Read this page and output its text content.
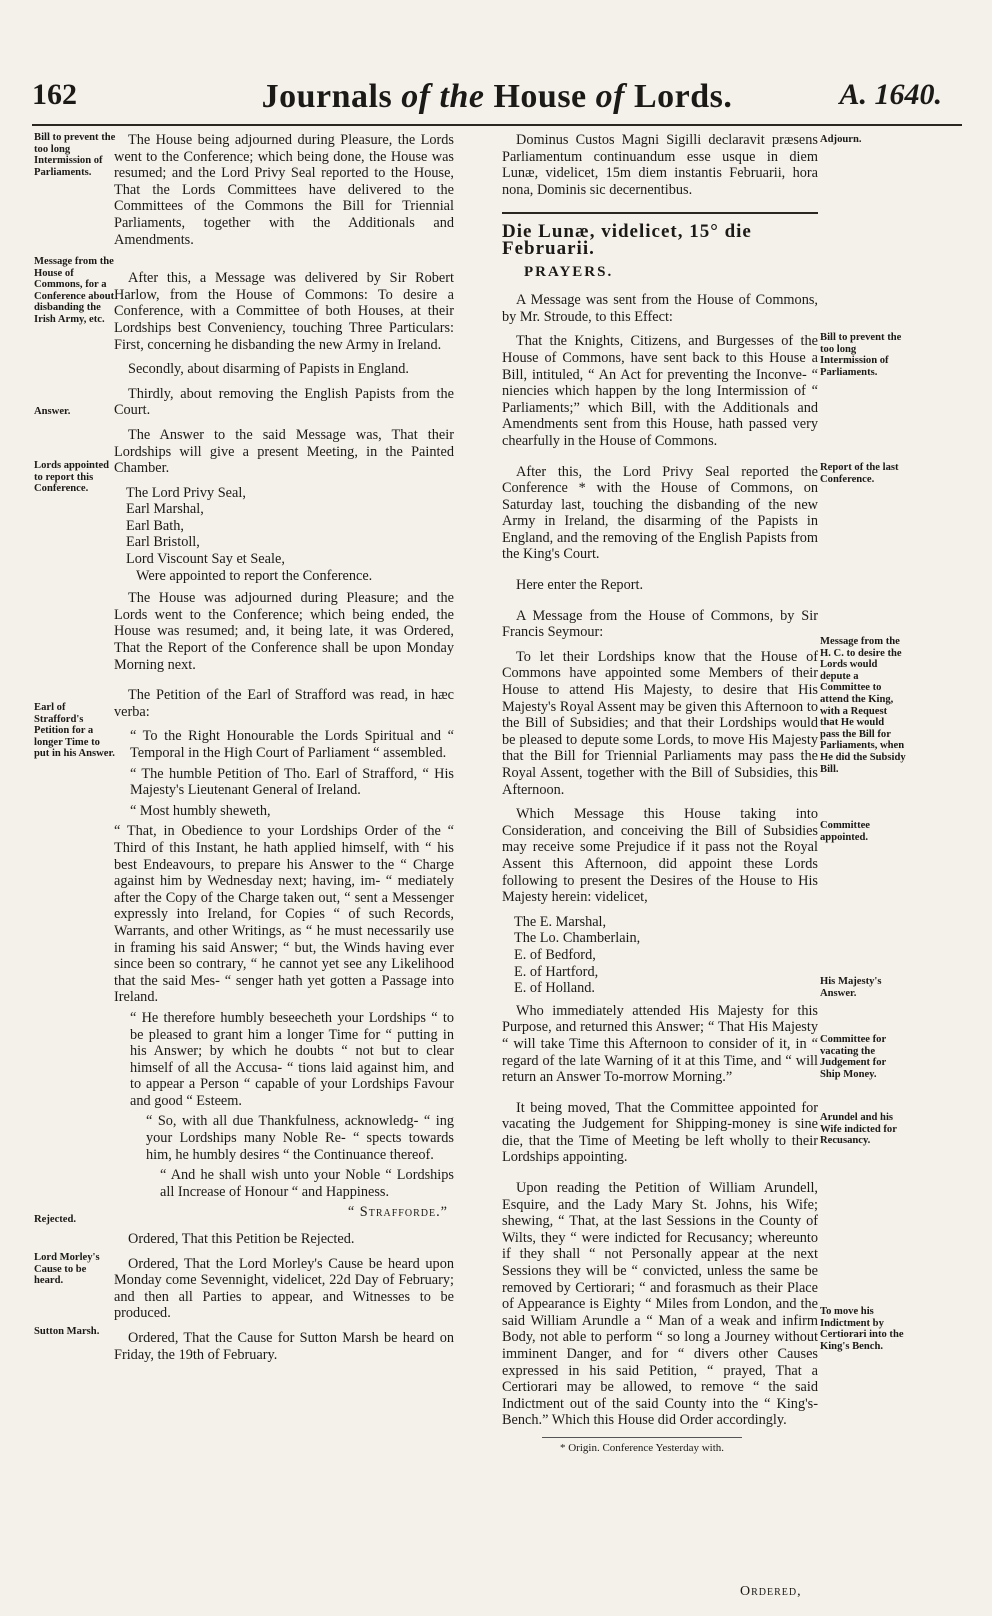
162	Journals of the House of Lords.	A. 1640.
Bill to prevent the too long Intermission of Parliaments.
Message from the House of Commons, for a Conference about disbanding the Irish Army, etc.
Answer.
Lords appointed to report this Conference.
Earl of Strafford's Petition for a longer Time to put in his Answer.
Rejected.
Lord Morley's Cause to be heard.
Sutton Marsh.
Adjourn.
Bill to prevent the too long Intermission of Parliaments.
Report of the last Conference.
Message from the H. C. to desire the Lords would depute a Committee to attend the King, with a Request that He would pass the Bill for Parliaments, when He did the Subsidy Bill.
Committee appointed.
His Majesty's Answer.
Committee for vacating the Judgement for Ship Money.
Arundel and his Wife indicted for Recusancy.
To move his Indictment by Certiorari into the King's Bench.

The House being adjourned during Pleasure, the Lords went to the Conference; which being done, the House was resumed; and the Lord Privy Seal reported to the House, That the Lords Committees have delivered to the Committees of the Commons the Bill for Triennial Parliaments, together with the Additionals and Amendments.

After this, a Message was delivered by Sir Robert Harlow, from the House of Commons: To desire a Conference, with a Committee of both Houses, at their Lordships best Conveniency, touching Three Particulars: First, concerning he disbanding the new Army in Ireland.

Secondly, about disarming of Papists in England.

Thirdly, about removing the English Papists from the Court.

The Answer to the said Message was, That their Lordships will give a present Meeting, in the Painted Chamber.

The Lord Privy Seal,
Earl Marshal,
Earl Bath,
Earl Bristoll,
Lord Viscount Say et Seale,
Were appointed to report the Conference.

The House was adjourned during Pleasure; and the Lords went to the Conference; which being ended, the House was resumed; and, it being late, it was Ordered, That the Report of the Conference shall be upon Monday Morning next.

The Petition of the Earl of Strafford was read, in hæc verba:

“ To the Right Honourable the Lords Spiritual and “ Temporal in the High Court of Parliament “ assembled.

“ The humble Petition of Tho. Earl of Strafford, “ His Majesty's Lieutenant General of Ireland.

“ Most humbly sheweth,

“ That, in Obedience to your Lordships Order of the “ Third of this Instant, he hath applied himself, with “ his best Endeavours, to prepare his Answer to the “ Charge against him by Wednesday next; having, im- “ mediately after the Copy of the Charge taken out, “ sent a Messenger expressly into Ireland, for Copies “ of such Records, Warrants, and other Writings, as “ he must necessarily use in framing his said Answer; “ but, the Winds having ever since been so contrary, “ he cannot yet see any Likelihood that the said Mes- “ senger hath yet gotten a Passage into Ireland.

“ He therefore humbly beseecheth your Lordships “ to be pleased to grant him a longer Time for “ putting in his Answer; by which he doubts “ not but to clear himself of all the Accusa- “ tions laid against him, and to appear a Person “ capable of your Lordships Favour and good “ Esteem.

“ So, with all due Thankfulness, acknowledg- “ ing your Lordships many Noble Re- “ spects towards him, he humbly desires “ the Continuance thereof.

“ And he shall wish unto your Noble “ Lordships all Increase of Honour “ and Happiness.

“ Strafforde.”

Ordered, That this Petition be Rejected.

Ordered, That the Lord Morley's Cause be heard upon Monday come Sevennight, videlicet, 22d Day of February; and then all Parties to appear, and Witnesses to be produced.

Ordered, That the Cause for Sutton Marsh be heard on Friday, the 19th of February.

Dominus Custos Magni Sigilli declaravit præsens Parliamentum continuandum esse usque in diem Lunæ, videlicet, 15m diem instantis Februarii, hora nona, Dominis sic decernentibus.

Die Lunæ, videlicet, 15° die Februarii.
PRAYERS.

A Message was sent from the House of Commons, by Mr. Stroude, to this Effect:

That the Knights, Citizens, and Burgesses of the House of Commons, have sent back to this House a Bill, intituled, “ An Act for preventing the Inconve- “ niencies which happen by the long Intermission of “ Parliaments;” which Bill, with the Additionals and Amendments sent from this House, hath passed very chearfully in the House of Commons.

After this, the Lord Privy Seal reported the Conference * with the House of Commons, on Saturday last, touching the disbanding of the new Army in Ireland, the disarming of the Papists in England, and the removing of the English Papists from the King's Court.

Here enter the Report.

A Message from the House of Commons, by Sir Francis Seymour:

To let their Lordships know that the House of Commons have appointed some Members of their House to attend His Majesty, to desire that His Majesty's Royal Assent may be given this Afternoon to the Bill of Subsidies; and that their Lordships would be pleased to depute some Lords, to move His Majesty that the Bill for Triennial Parliaments may pass the Royal Assent, together with the Bill of Subsidies, this Afternoon.

Which Message this House taking into Consideration, and conceiving the Bill of Subsidies may receive some Prejudice if it pass not the Royal Assent this Afternoon, did appoint these Lords following to present the Desires of the House to His Majesty herein: videlicet,

The E. Marshal,
The Lo. Chamberlain,
E. of Bedford,
E. of Hartford,
E. of Holland.

Who immediately attended His Majesty for this Purpose, and returned this Answer; “ That His Majesty “ will take Time this Afternoon to consider of it, in “ regard of the late Warning of it at this Time, and “ will return an Answer To-morrow Morning.”

It being moved, That the Committee appointed for vacating the Judgement for Shipping-money is sine die, that the Time of Meeting be left wholly to their Lordships appointing.

Upon reading the Petition of William Arundell, Esquire, and the Lady Mary St. Johns, his Wife; shewing, “ That, at the last Sessions in the County of Wilts, they “ were indicted for Recusancy; whereunto if they shall “ not Personally appear at the next Sessions they will be “ convicted, unless the same be removed by Certiorari; “ and forasmuch as their Place of Appearance is Eighty “ Miles from London, and the said William Arundle a “ Man of a weak and infirm Body, not able to perform “ so long a Journey without imminent Danger, and for “ divers other Causes expressed in his said Petition, “ prayed, That a Certiorari may be allowed, to remove “ the said Indictment out of the said County into the “ King's-Bench.” Which this House did Order accordingly.

* Origin. Conference Yesterday with.
Ordered,
